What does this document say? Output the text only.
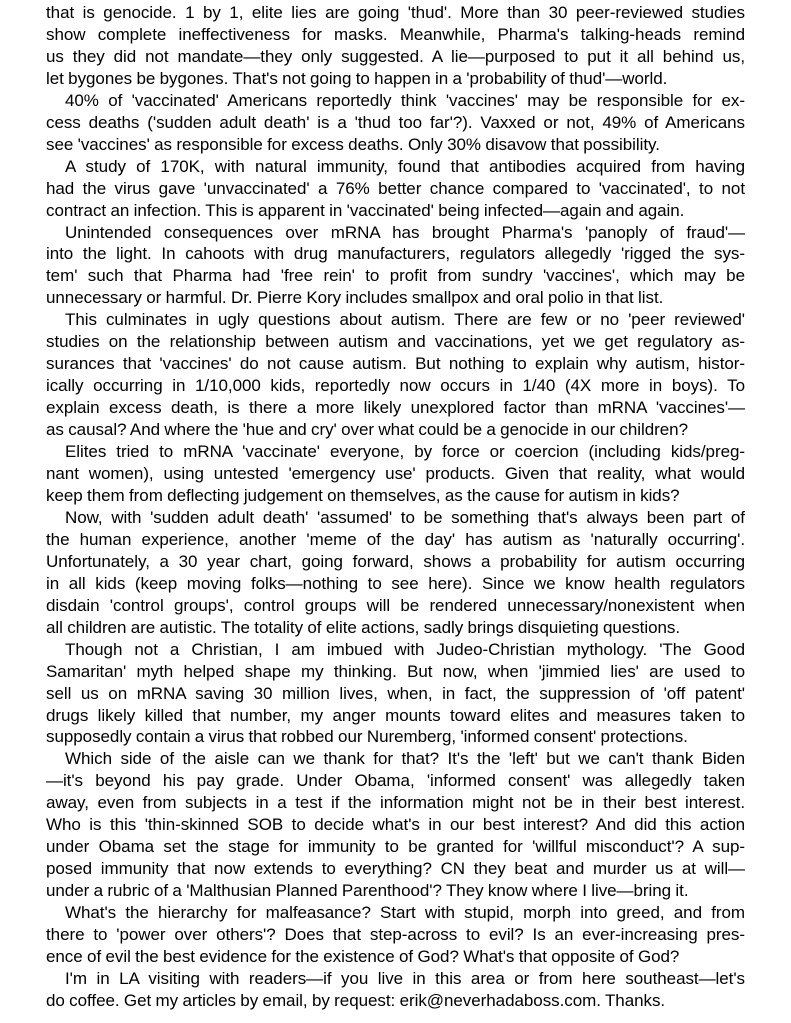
that is genocide. 1 by 1, elite lies are going 'thud'. More than 30 peer-reviewed studies
show complete ineffectiveness for masks. Meanwhile, Pharma's talking-heads remind
us they did not mandate—they only suggested. A lie—purposed to put it all behind us,
let bygones be bygones. That's not going to happen in a 'probability of thud'—world.
40% of 'vaccinated' Americans reportedly think 'vaccines' may be responsible for ex-
cess deaths ('sudden adult death' is a 'thud too far'?). Vaxxed or not, 49% of Americans
see 'vaccines' as responsible for excess deaths. Only 30% disavow that possibility.
A study of 170K, with natural immunity, found that antibodies acquired from having
had the virus gave 'unvaccinated' a 76% better chance compared to 'vaccinated', to not
contract an infection. This is apparent in 'vaccinated' being infected—again and again.
Unintended consequences over mRNA has brought Pharma's 'panoply of fraud'—
into the light. In cahoots with drug manufacturers, regulators allegedly 'rigged the sys-
tem' such that Pharma had 'free rein' to profit from sundry 'vaccines', which may be
unnecessary or harmful. Dr. Pierre Kory includes smallpox and oral polio in that list.
This culminates in ugly questions about autism. There are few or no 'peer reviewed'
studies on the relationship between autism and vaccinations, yet we get regulatory as-
surances that 'vaccines' do not cause autism. But nothing to explain why autism, histor-
ically occurring in 1/10,000 kids, reportedly now occurs in 1/40 (4X more in boys). To
explain excess death, is there a more likely unexplored factor than mRNA 'vaccines'—
as causal? And where the 'hue and cry' over what could be a genocide in our children?
Elites tried to mRNA 'vaccinate' everyone, by force or coercion (including kids/preg-
nant women), using untested 'emergency use' products. Given that reality, what would
keep them from deflecting judgement on themselves, as the cause for autism in kids?
Now, with 'sudden adult death' 'assumed' to be something that's always been part of
the human experience, another 'meme of the day' has autism as 'naturally occurring'.
Unfortunately, a 30 year chart, going forward, shows a probability for autism occurring
in all kids (keep moving folks—nothing to see here). Since we know health regulators
disdain 'control groups', control groups will be rendered unnecessary/nonexistent when
all children are autistic. The totality of elite actions, sadly brings disquieting questions.
Though not a Christian, I am imbued with Judeo-Christian mythology. 'The Good
Samaritan' myth helped shape my thinking. But now, when 'jimmied lies' are used to
sell us on mRNA saving 30 million lives, when, in fact, the suppression of 'off patent'
drugs likely killed that number, my anger mounts toward elites and measures taken to
supposedly contain a virus that robbed our Nuremberg, 'informed consent' protections.
Which side of the aisle can we thank for that? It's the 'left' but we can't thank Biden
—it's beyond his pay grade. Under Obama, 'informed consent' was allegedly taken
away, even from subjects in a test if the information might not be in their best interest.
Who is this 'thin-skinned SOB to decide what's in our best interest? And did this action
under Obama set the stage for immunity to be granted for 'willful misconduct'? A sup-
posed immunity that now extends to everything? CN they beat and murder us at will—
under a rubric of a 'Malthusian Planned Parenthood'? They know where I live—bring it.
What's the hierarchy for malfeasance? Start with stupid, morph into greed, and from
there to 'power over others'? Does that step-across to evil? Is an ever-increasing pres-
ence of evil the best evidence for the existence of God? What's that opposite of God?
I'm in LA visiting with readers—if you live in this area or from here southeast—let's
do coffee. Get my articles by email, by request: erik@neverhadaboss.com. Thanks.
